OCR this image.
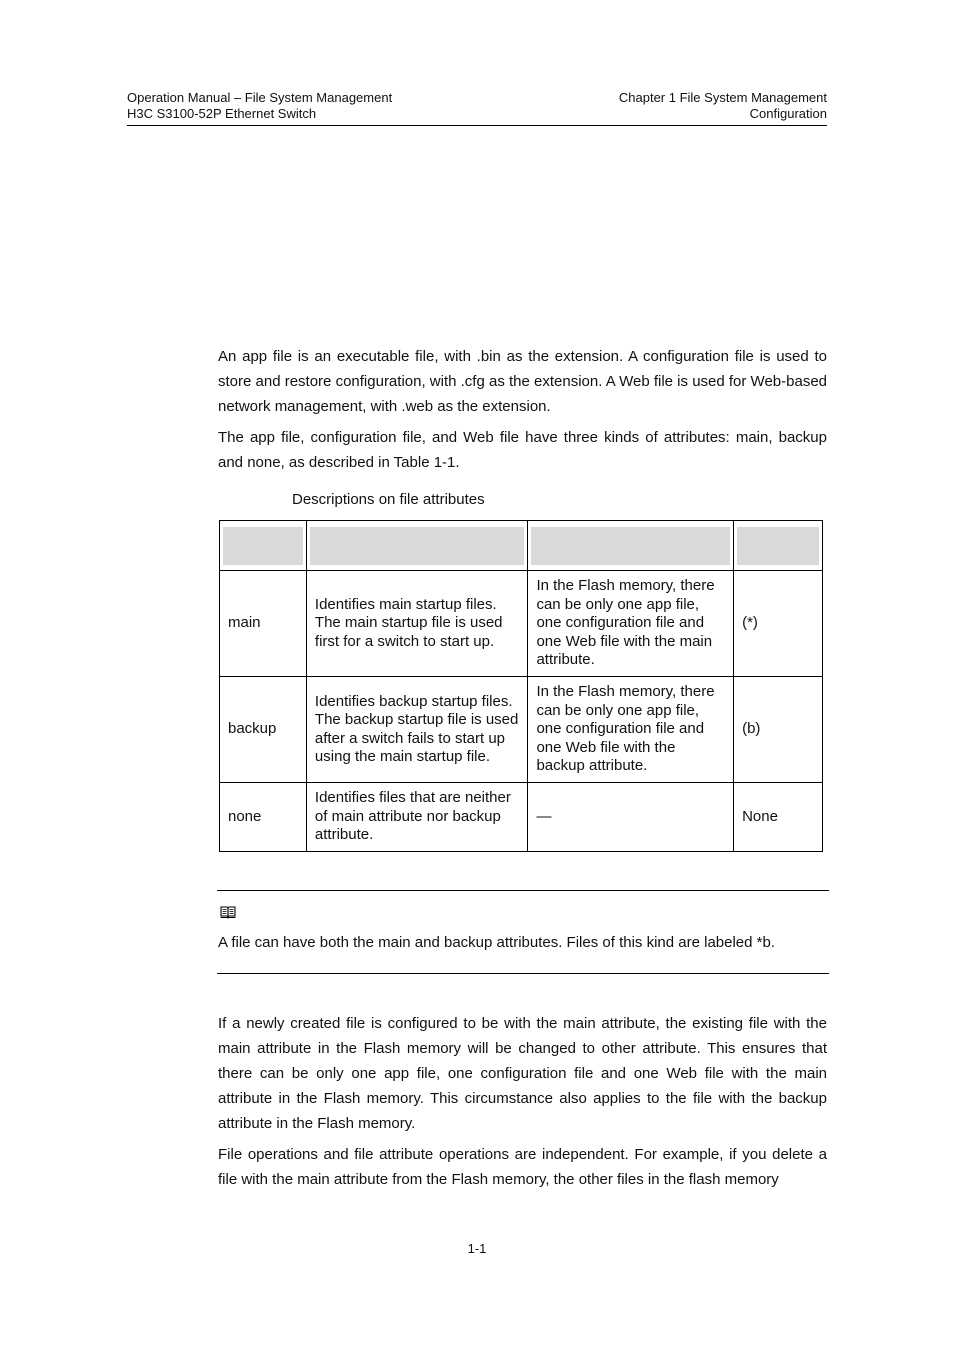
Operation Manual – File System Management
H3C S3100-52P Ethernet Switch
Chapter 1 File System Management
Configuration

An app file is an executable file, with .bin as the extension. A configuration file is used to store and restore configuration, with .cfg as the extension. A Web file is used for Web-based network management, with .web as the extension.

The app file, configuration file, and Web file have three kinds of attributes: main, backup and none, as described in Table 1-1.

Descriptions on file attributes

main	Identifies main startup files. The main startup file is used first for a switch to start up.	In the Flash memory, there can be only one app file, one configuration file and one Web file with the main attribute.	(*)
backup	Identifies backup startup files. The backup startup file is used after a switch fails to start up using the main startup file.	In the Flash memory, there can be only one app file, one configuration file and one Web file with the backup attribute.	(b)
none	Identifies files that are neither of main attribute nor backup attribute.	—	None
A file can have both the main and backup attributes. Files of this kind are labeled *b.

If a newly created file is configured to be with the main attribute, the existing file with the main attribute in the Flash memory will be changed to other attribute. This ensures that there can be only one app file, one configuration file and one Web file with the main attribute in the Flash memory. This circumstance also applies to the file with the backup attribute in the Flash memory.

File operations and file attribute operations are independent. For example, if you delete a file with the main attribute from the Flash memory, the other files in the flash memory

1-1
